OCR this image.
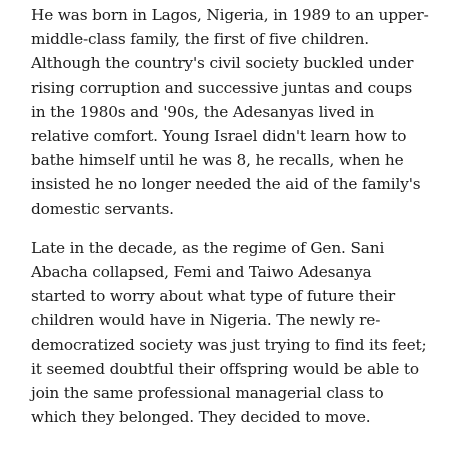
He was born in Lagos, Nigeria, in 1989 to an upper-
middle-class family, the first of five children.
Although the country's civil society buckled under
rising corruption and successive juntas and coups
in the 1980s and '90s, the Adesanyas lived in
relative comfort. Young Israel didn't learn how to
bathe himself until he was 8, he recalls, when he
insisted he no longer needed the aid of the family's
domestic servants.
Late in the decade, as the regime of Gen. Sani
Abacha collapsed, Femi and Taiwo Adesanya
started to worry about what type of future their
children would have in Nigeria. The newly re-
democratized society was just trying to find its feet;
it seemed doubtful their offspring would be able to
join the same professional managerial class to
which they belonged. They decided to move.
